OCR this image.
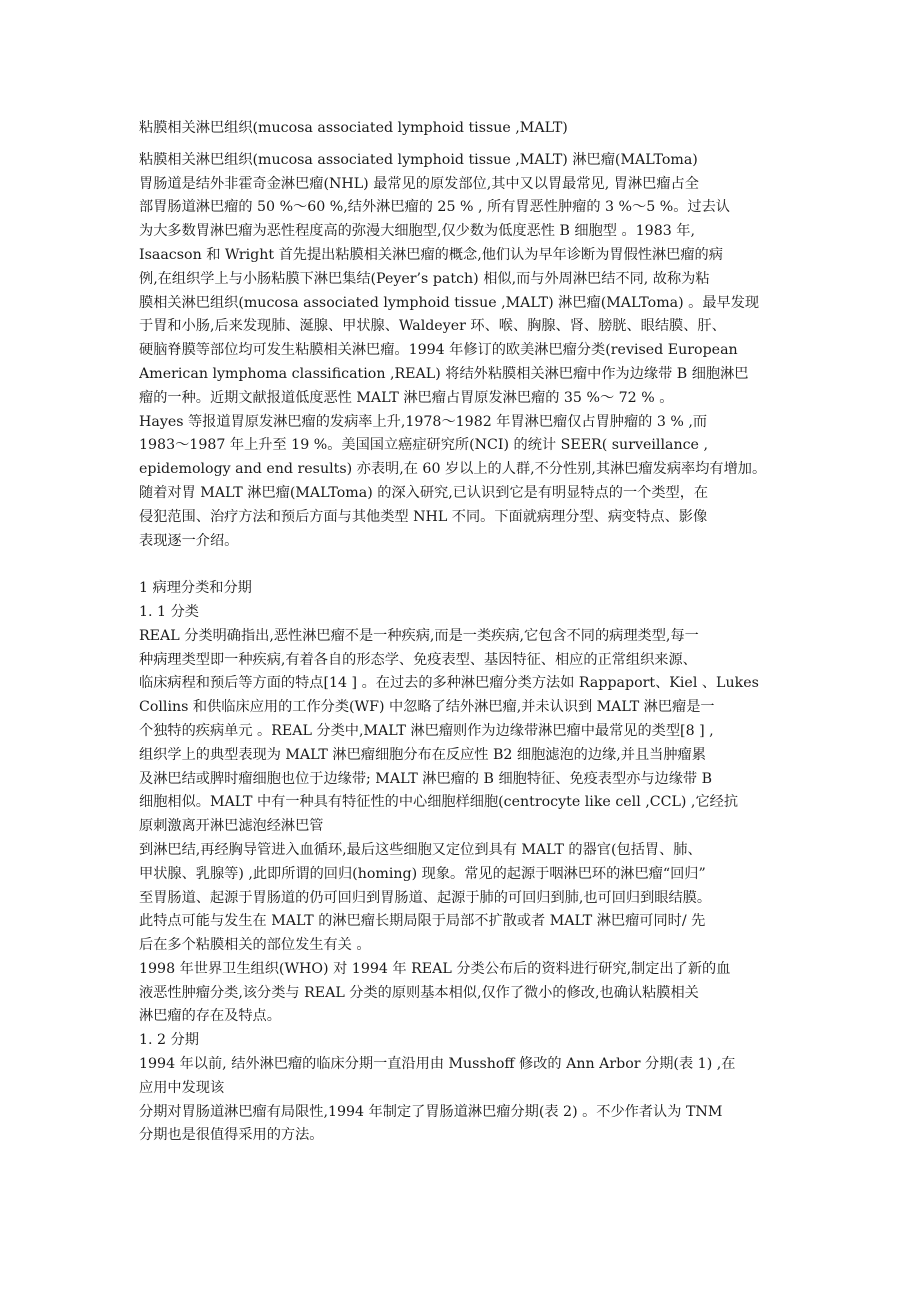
粘膜相关淋巴组织(mucosa associated lymphoid tissue ,MALT)
粘膜相关淋巴组织(mucosa associated lymphoid tissue ,MALT) 淋巴瘤(MALToma)
胃肠道是结外非霍奇金淋巴瘤(NHL) 最常见的原发部位,其中又以胃最常见, 胃淋巴瘤占全
部胃肠道淋巴瘤的 50 %～60 %,结外淋巴瘤的 25 % , 所有胃恶性肿瘤的 3 %～5 %。过去认
为大多数胃淋巴瘤为恶性程度高的弥漫大细胞型,仅少数为低度恶性 B 细胞型 。1983 年,
Isaacson 和 Wright 首先提出粘膜相关淋巴瘤的概念,他们认为早年诊断为胃假性淋巴瘤的病
例,在组织学上与小肠粘膜下淋巴集结(Peyer’s patch) 相似,而与外周淋巴结不同, 故称为粘
膜相关淋巴组织(mucosa associated lymphoid tissue ,MALT) 淋巴瘤(MALToma) 。最早发现
于胃和小肠,后来发现肺、涎腺、甲状腺、Waldeyer 环、喉、胸腺、肾、膀胱、眼结膜、肝、
硬脑脊膜等部位均可发生粘膜相关淋巴瘤。1994 年修订的欧美淋巴瘤分类(revised European
American lymphoma classification ,REAL) 将结外粘膜相关淋巴瘤中作为边缘带 B 细胞淋巴
瘤的一种。近期文献报道低度恶性 MALT 淋巴瘤占胃原发淋巴瘤的 35 %～ 72 % 。
Hayes 等报道胃原发淋巴瘤的发病率上升,1978～1982 年胃淋巴瘤仅占胃肿瘤的 3 % ,而
1983～1987 年上升至 19 %。美国国立癌症研究所(NCI) 的统计 SEER( surveillance ,
epidemology and end results) 亦表明,在 60 岁以上的人群,不分性别,其淋巴瘤发病率均有增加。
随着对胃 MALT 淋巴瘤(MALToma) 的深入研究,已认识到它是有明显特点的一个类型，在
侵犯范围、治疗方法和预后方面与其他类型 NHL 不同。下面就病理分型、病变特点、影像
表现逐一介绍。
1 病理分类和分期
1. 1 分类
REAL 分类明确指出,恶性淋巴瘤不是一种疾病,而是一类疾病,它包含不同的病理类型,每一
种病理类型即一种疾病,有着各自的形态学、免疫表型、基因特征、相应的正常组织来源、
临床病程和预后等方面的特点[14 ] 。在过去的多种淋巴瘤分类方法如 Rappaport、Kiel 、Lukes
Collins 和供临床应用的工作分类(WF) 中忽略了结外淋巴瘤,并未认识到 MALT 淋巴瘤是一
个独特的疾病单元 。REAL 分类中,MALT 淋巴瘤则作为边缘带淋巴瘤中最常见的类型[8 ] ,
组织学上的典型表现为 MALT 淋巴瘤细胞分布在反应性 B2 细胞滤泡的边缘,并且当肿瘤累
及淋巴结或脾时瘤细胞也位于边缘带; MALT 淋巴瘤的 B 细胞特征、免疫表型亦与边缘带 B
细胞相似。MALT 中有一种具有特征性的中心细胞样细胞(centrocyte like cell ,CCL) ,它经抗
原刺激离开淋巴滤泡经淋巴管
到淋巴结,再经胸导管进入血循环,最后这些细胞又定位到具有 MALT 的器官(包括胃、肺、
甲状腺、乳腺等) ,此即所谓的回归(homing) 现象。常见的起源于咽淋巴环的淋巴瘤“回归”
至胃肠道、起源于胃肠道的仍可回归到胃肠道、起源于肺的可回归到肺,也可回归到眼结膜。
此特点可能与发生在 MALT 的淋巴瘤长期局限于局部不扩散或者 MALT 淋巴瘤可同时/ 先
后在多个粘膜相关的部位发生有关 。
1998 年世界卫生组织(WHO) 对 1994 年 REAL 分类公布后的资料进行研究,制定出了新的血
液恶性肿瘤分类,该分类与 REAL 分类的原则基本相似,仅作了微小的修改,也确认粘膜相关
淋巴瘤的存在及特点。
1. 2 分期
1994 年以前, 结外淋巴瘤的临床分期一直沿用由 Musshoff 修改的 Ann Arbor 分期(表 1) ,在
应用中发现该
分期对胃肠道淋巴瘤有局限性,1994 年制定了胃肠道淋巴瘤分期(表 2) 。不少作者认为 TNM
分期也是很值得采用的方法。
